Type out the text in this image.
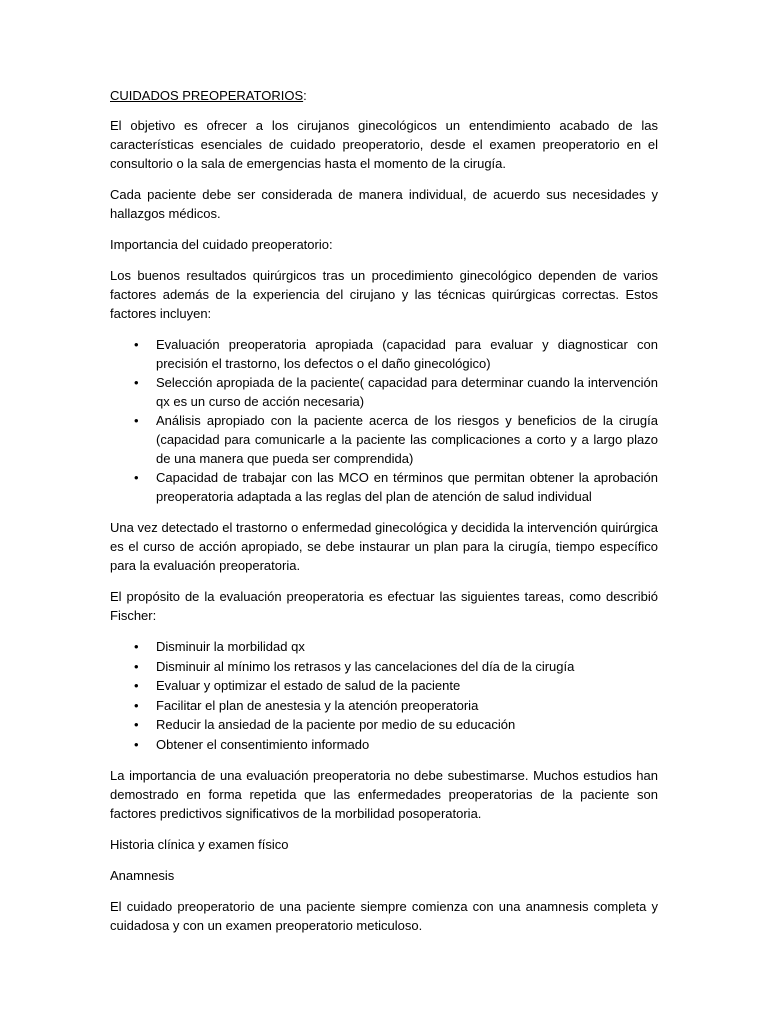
CUIDADOS PREOPERATORIOS:

El objetivo es ofrecer a los cirujanos ginecológicos un entendimiento acabado de las características esenciales de cuidado preoperatorio, desde el examen preoperatorio en el consultorio o la sala de emergencias hasta el momento de la cirugía.

Cada paciente debe ser considerada de manera individual, de acuerdo sus necesidades y hallazgos médicos.

Importancia del cuidado preoperatorio:

Los buenos resultados quirúrgicos tras un procedimiento ginecológico dependen de varios factores además de la experiencia del cirujano y las técnicas quirúrgicas correctas. Estos factores incluyen:

• Evaluación preoperatoria apropiada (capacidad para evaluar y diagnosticar con precisión el trastorno, los defectos o el daño ginecológico)
• Selección apropiada de la paciente( capacidad para determinar cuando la intervención qx es un curso de acción necesaria)
• Análisis apropiado con la paciente acerca de los riesgos y beneficios de la cirugía (capacidad para comunicarle a la paciente las complicaciones a corto y a largo plazo de una manera que pueda ser comprendida)
• Capacidad de trabajar con las MCO en términos que permitan obtener la aprobación preoperatoria adaptada a las reglas del plan de atención de salud individual

Una vez detectado el trastorno o enfermedad ginecológica y decidida la intervención quirúrgica es el curso de acción apropiado, se debe instaurar un plan para la cirugía, tiempo específico para la evaluación preoperatoria.

El propósito de la evaluación preoperatoria es efectuar las siguientes tareas, como describió Fischer:

• Disminuir la morbilidad qx
• Disminuir al mínimo los retrasos y las cancelaciones del día de la cirugía
• Evaluar y optimizar el estado de salud de la paciente
• Facilitar el plan de anestesia y la atención preoperatoria
• Reducir la ansiedad de la paciente por medio de su educación
• Obtener el consentimiento informado

La importancia de una evaluación preoperatoria no debe subestimarse. Muchos estudios han demostrado en forma repetida que las enfermedades preoperatorias de la paciente son factores predictivos significativos de la morbilidad posoperatoria.

Historia clínica y examen físico

Anamnesis

El cuidado preoperatorio de una paciente siempre comienza con una anamnesis completa y cuidadosa y con un examen preoperatorio meticuloso.
